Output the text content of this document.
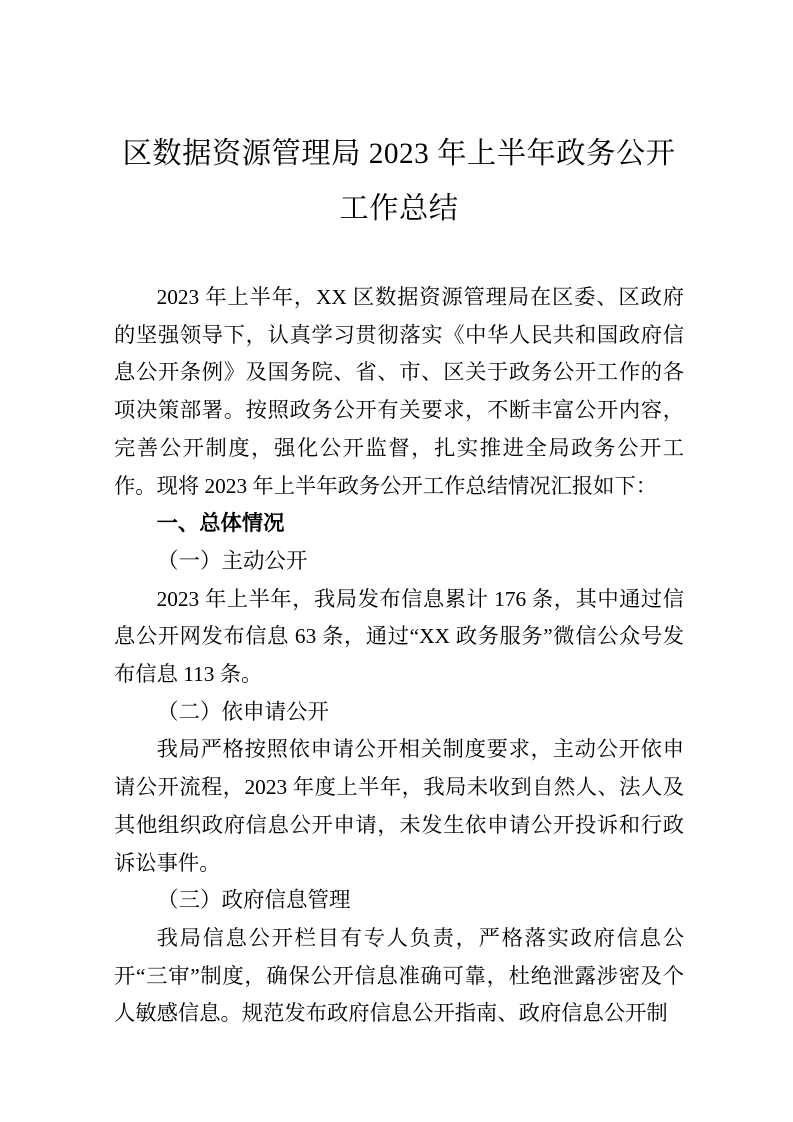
区数据资源管理局 2023 年上半年政务公开
工作总结

2023 年上半年，XX 区数据资源管理局在区委、区政府的坚强领导下，认真学习贯彻落实《中华人民共和国政府信息公开条例》及国务院、省、市、区关于政务公开工作的各项决策部署。按照政务公开有关要求，不断丰富公开内容，完善公开制度，强化公开监督，扎实推进全局政务公开工作。现将 2023 年上半年政务公开工作总结情况汇报如下：

一、总体情况
（一）主动公开

2023 年上半年，我局发布信息累计 176 条，其中通过信息公开网发布信息 63 条，通过“XX 政务服务”微信公众号发布信息 113 条。

（二）依申请公开

我局严格按照依申请公开相关制度要求，主动公开依申请公开流程，2023 年度上半年，我局未收到自然人、法人及其他组织政府信息公开申请，未发生依申请公开投诉和行政诉讼事件。

（三）政府信息管理

我局信息公开栏目有专人负责，严格落实政府信息公开“三审”制度，确保公开信息准确可靠，杜绝泄露涉密及个人敏感信息。规范发布政府信息公开指南、政府信息公开制
